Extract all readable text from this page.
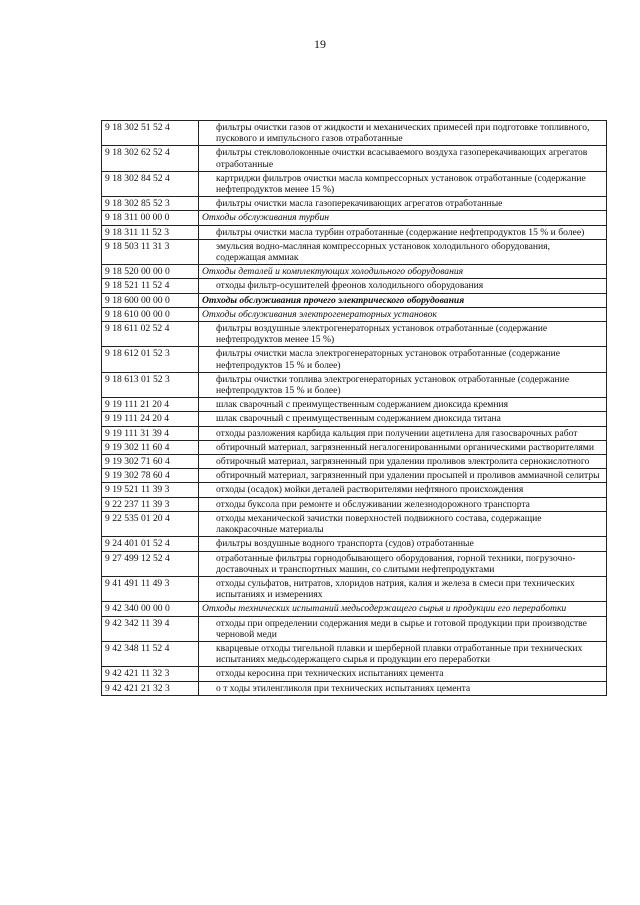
19
9 18 302 51 52 4	фильтры очистки газов от жидкости и механических примесей при подготовке топливного, пускового и импульсного газов отработанные
9 18 302 62 52 4	фильтры стекловолоконные очистки всасываемого воздуха газоперекачивающих агрегатов отработанные
9 18 302 84 52 4	картриджи фильтров очистки масла компрессорных установок отработанные (содержание нефтепродуктов менее 15 %)
9 18 302 85 52 3	фильтры очистки масла газоперекачивающих агрегатов отработанные
9 18 311 00 00 0	Отходы обслуживания турбин
9 18 311 11 52 3	фильтры очистки масла турбин отработанные (содержание нефтепродуктов 15 % и более)
9 18 503 11 31 3	эмульсия водно-масляная компрессорных установок холодильного оборудования, содержащая аммиак
9 18 520 00 00 0	Отходы деталей и комплектующих холодильного оборудования
9 18 521 11 52 4	отходы фильтр-осушителей фреонов холодильного оборудования
9 18 600 00 00 0	Отходы обслуживания прочего электрического оборудования
9 18 610 00 00 0	Отходы обслуживания электрогенераторных установок
9 18 611 02 52 4	фильтры воздушные электрогенераторных установок отработанные (содержание нефтепродуктов менее 15 %)
9 18 612 01 52 3	фильтры очистки масла электрогенераторных установок отработанные (содержание нефтепродуктов 15 % и более)
9 18 613 01 52 3	фильтры очистки топлива электрогенераторных установок отработанные (содержание нефтепродуктов 15 % и более)
9 19 111 21 20 4	шлак сварочный с преимущественным содержанием диоксида кремния
9 19 111 24 20 4	шлак сварочный с преимущественным содержанием диоксида титана
9 19 111 31 39 4	отходы разложения карбида кальция при получении ацетилена для газосварочных работ
9 19 302 11 60 4	обтирочный материал, загрязненный негалогенированными органическими растворителями
9 19 302 71 60 4	обтирочный материал, загрязненный при удалении проливов электролита сернокислотного
9 19 302 78 60 4	обтирочный материал, загрязненный при удалении просыпей и проливов аммиачной селитры
9 19 521 11 39 3	отходы (осадок) мойки деталей растворителями нефтяного происхождения
9 22 237 11 39 3	отходы буксола при ремонте и обслуживании железнодорожного транспорта
9 22 535 01 20 4	отходы механической зачистки поверхностей подвижного состава, содержащие лакокрасочные материалы
9 24 401 01 52 4	фильтры воздушные водного транспорта (судов) отработанные
9 27 499 12 52 4	отработанные фильтры горнодобывающего оборудования, горной техники, погрузочно-доставочных и транспортных машин, со слитыми нефтепродуктами
9 41 491 11 49 3	отходы сульфатов, нитратов, хлоридов натрия, калия и железа в смеси при технических испытаниях и измерениях
9 42 340 00 00 0	Отходы технических испытаний медьсодержащего сырья и продукции его переработки
9 42 342 11 39 4	отходы при определении содержания меди в сырье и готовой продукции при производстве черновой меди
9 42 348 11 52 4	кварцевые отходы тигельной плавки и шерберной плавки отработанные при технических испытаниях медьсодержащего сырья и продукции его переработки
9 42 421 11 32 3	отходы керосина при технических испытаниях цемента
9 42 421 21 32 3	о т ходы этиленгликоля при технических испытаниях цемента
